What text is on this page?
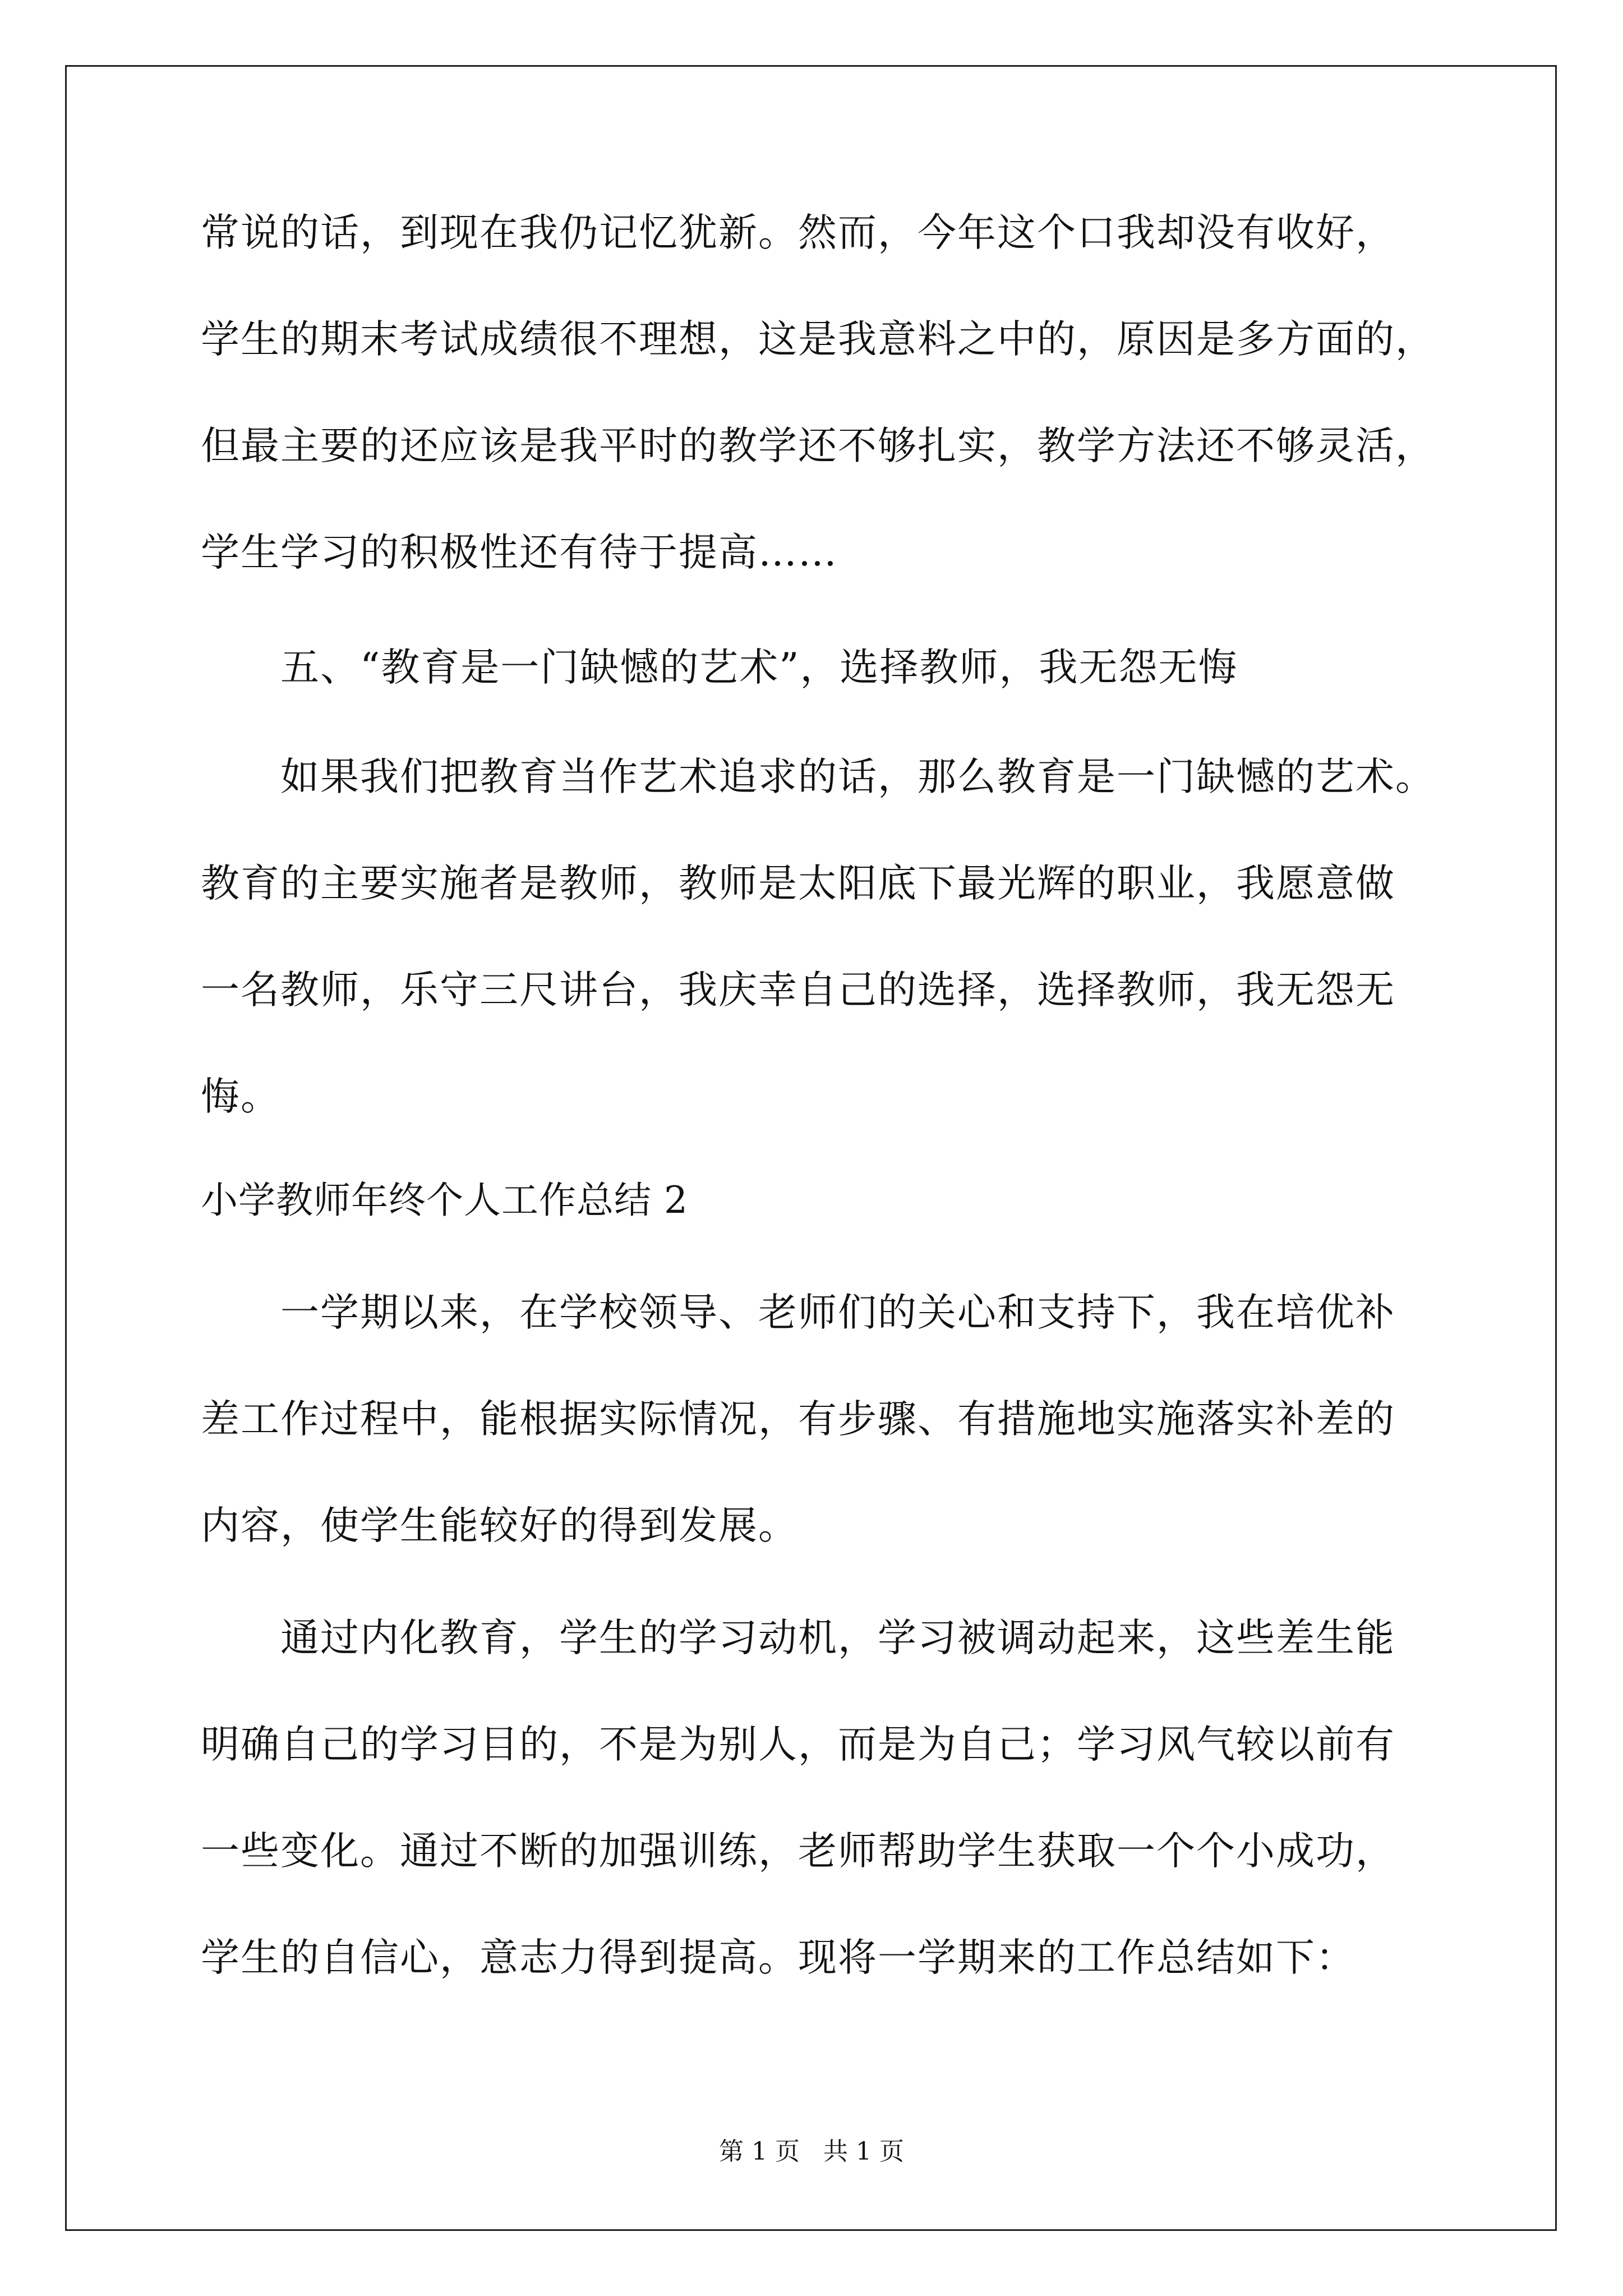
常说的话，到现在我仍记忆犹新。然而，今年这个口我却没有收好，
学生的期末考试成绩很不理想，这是我意料之中的，原因是多方面的，
但最主要的还应该是我平时的教学还不够扎实，教学方法还不够灵活，
学生学习的积极性还有待于提高……
五、“教育是一门缺憾的艺术”，选择教师，我无怨无悔
如果我们把教育当作艺术追求的话，那么教育是一门缺憾的艺术。
教育的主要实施者是教师，教师是太阳底下最光辉的职业，我愿意做
一名教师，乐守三尺讲台，我庆幸自己的选择，选择教师，我无怨无
悔。
小学教师年终个人工作总结 2
一学期以来，在学校领导、老师们的关心和支持下，我在培优补
差工作过程中，能根据实际情况，有步骤、有措施地实施落实补差的
内容，使学生能较好的得到发展。
通过内化教育，学生的学习动机，学习被调动起来，这些差生能
明确自己的学习目的，不是为别人，而是为自己；学习风气较以前有
一些变化。通过不断的加强训练，老师帮助学生获取一个个小成功，
学生的自信心，意志力得到提高。现将一学期来的工作总结如下：
第 1 页 共 1 页
